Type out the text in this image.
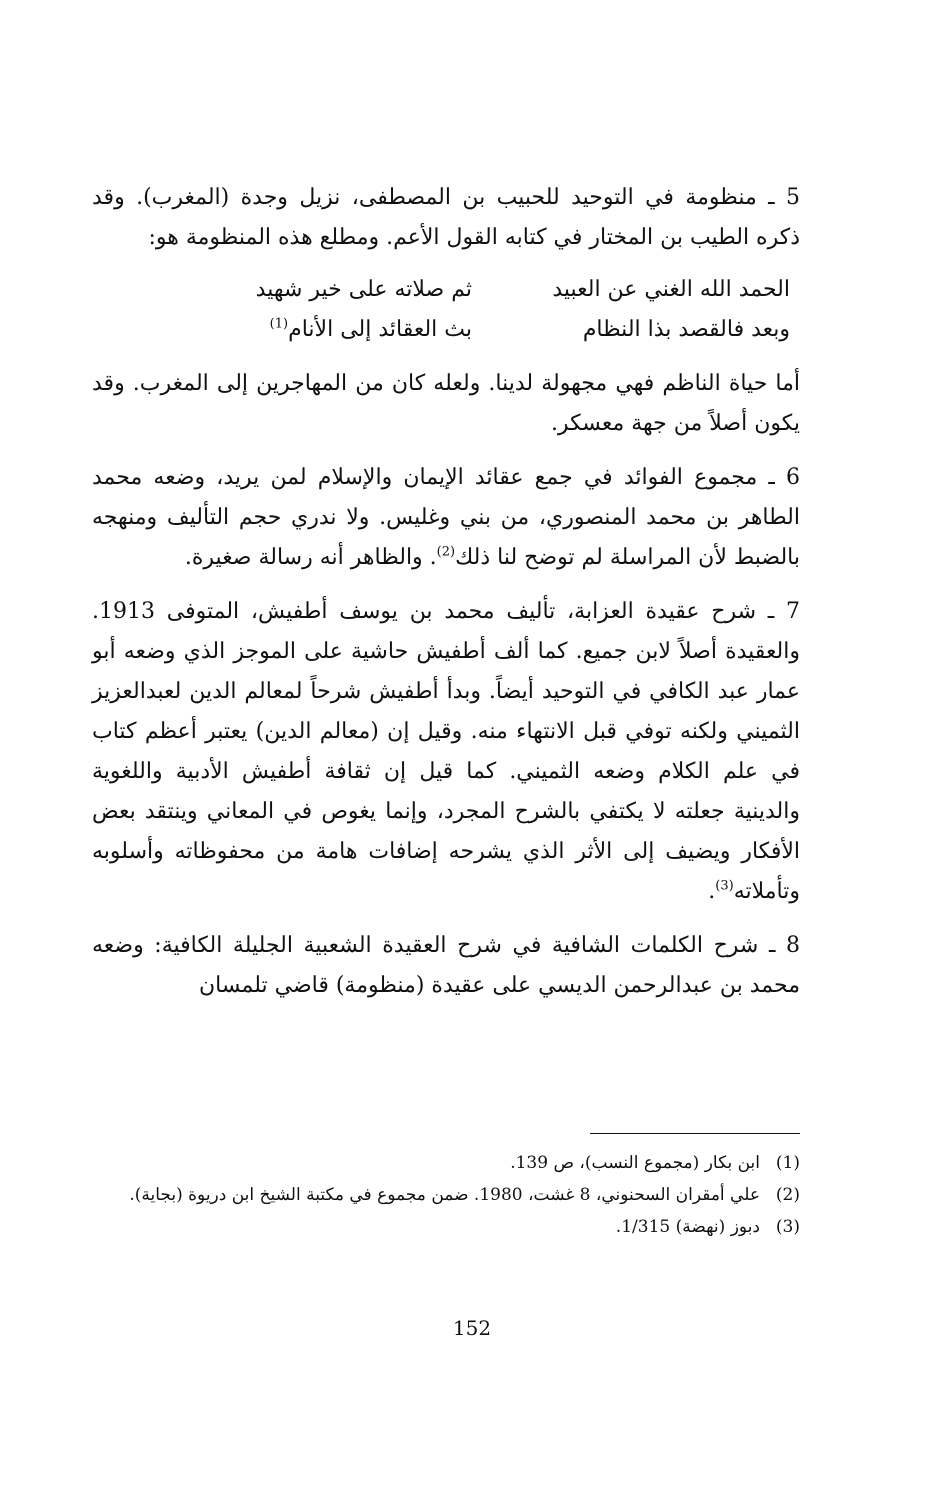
5 ـ منظومة في التوحيد للحبيب بن المصطفى، نزيل وجدة (المغرب). وقد ذكره الطيب بن المختار في كتابه القول الأعم. ومطلع هذه المنظومة هو:

الحمد الله الغني عن العبيد
ثم صلاته على خير شهيد
وبعد فالقصد بذا النظام
بث العقائد إلى الأنام$^{(1)}$

أما حياة الناظم فهي مجهولة لدينا. ولعله كان من المهاجرين إلى المغرب. وقد يكون أصلاً من جهة معسكر.

6 ـ مجموع الفوائد في جمع عقائد الإيمان والإسلام لمن يريد، وضعه محمد الطاهر بن محمد المنصوري، من بني وغليس. ولا ندري حجم التأليف ومنهجه بالضبط لأن المراسلة لم توضح لنا ذلك$^{(2)}$. والظاهر أنه رسالة صغيرة.

7 ـ شرح عقيدة العزابة، تأليف محمد بن يوسف أطفيش، المتوفى 1913. والعقيدة أصلاً لابن جميع. كما ألف أطفيش حاشية على الموجز الذي وضعه أبو عمار عبد الكافي في التوحيد أيضاً. وبدأ أطفيش شرحاً لمعالم الدين لعبدالعزيز الثميني ولكنه توفي قبل الانتهاء منه. وقيل إن (معالم الدين) يعتبر أعظم كتاب في علم الكلام وضعه الثميني. كما قيل إن ثقافة أطفيش الأدبية واللغوية والدينية جعلته لا يكتفي بالشرح المجرد، وإنما يغوص في المعاني وينتقد بعض الأفكار ويضيف إلى الأثر الذي يشرحه إضافات هامة من محفوظاته وأسلوبه وتأملاته$^{(3)}$.

8 ـ شرح الكلمات الشافية في شرح العقيدة الشعبية الجليلة الكافية: وضعه محمد بن عبدالرحمن الديسي على عقيدة (منظومة) قاضي تلمسان

(1)
ابن بكار (مجموع النسب)، ص 139.
(2)
علي أمقران السحنوني، 8 غشت، 1980. ضمن مجموع في مكتبة الشيخ ابن دريوة (بجاية).
(3)
دبوز (نهضة) 1/315.
152
